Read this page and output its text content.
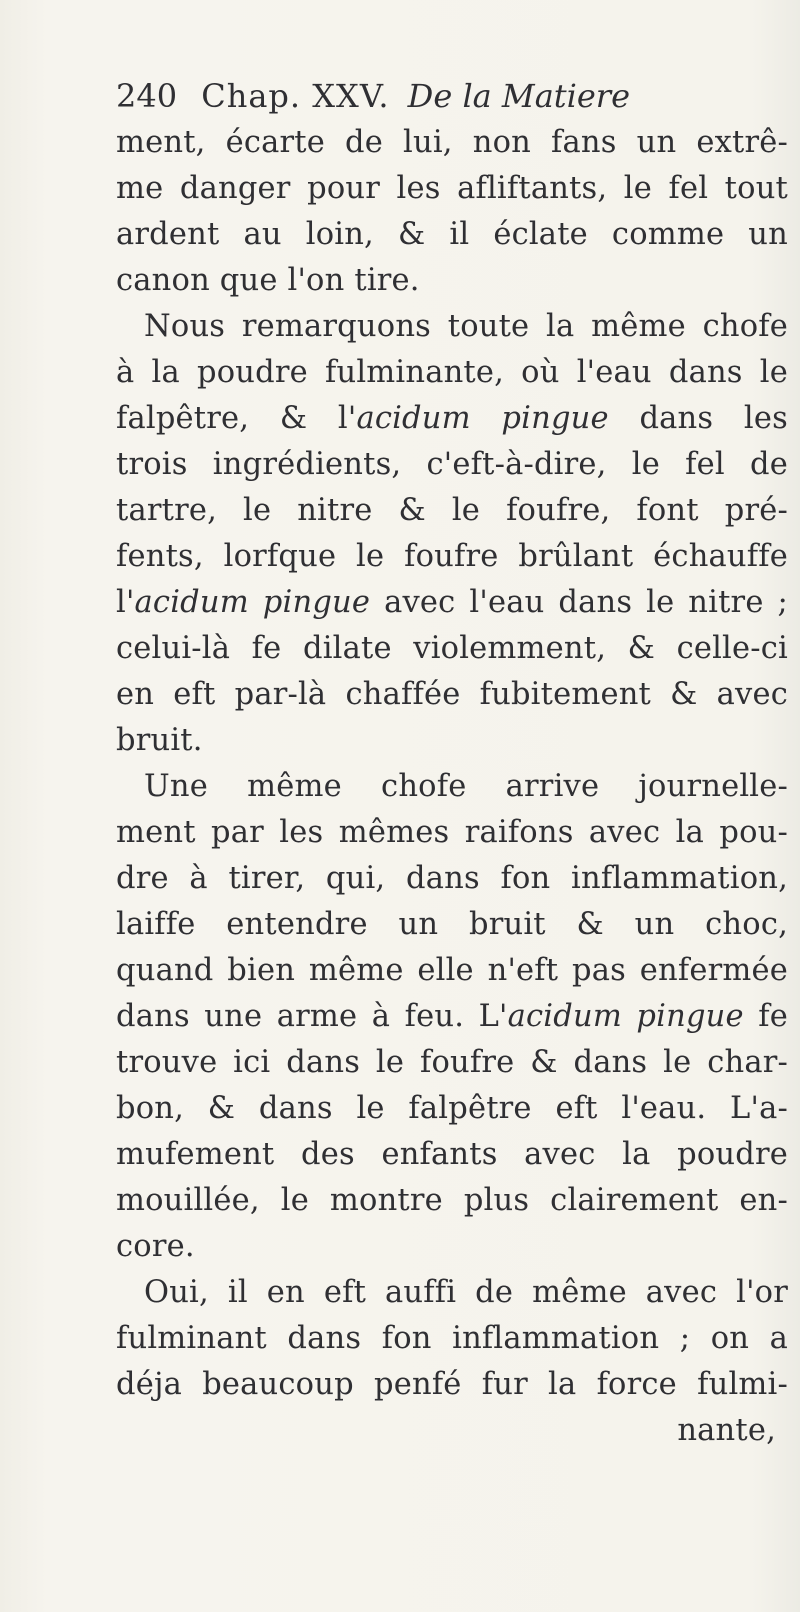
240 Chap. XXV. De la Matiere
ment, écarte de lui, non fans un extrê-
me danger pour les afliftants, le fel tout
ardent au loin, & il éclate comme un
canon que l'on tire.
Nous remarquons toute la même chofe
à la poudre fulminante, où l'eau dans le
falpêtre, & l'acidum pingue dans les
trois ingrédients, c'eft-à-dire, le fel de
tartre, le nitre & le foufre, font pré-
fents, lorfque le foufre brûlant échauffe
l'acidum pingue avec l'eau dans le nitre ;
celui-là fe dilate violemment, & celle-ci
en eft par-là chaffée fubitement & avec
bruit.
Une même chofe arrive journelle-
ment par les mêmes raifons avec la pou-
dre à tirer, qui, dans fon inflammation,
laiffe entendre un bruit & un choc,
quand bien même elle n'eft pas enfermée
dans une arme à feu. L'acidum pingue fe
trouve ici dans le foufre & dans le char-
bon, & dans le falpêtre eft l'eau. L'a-
mufement des enfants avec la poudre
mouillée, le montre plus clairement en-
core.
Oui, il en eft auffi de même avec l'or
fulminant dans fon inflammation ; on a
déja beaucoup penfé fur la force fulmi-
nante,
